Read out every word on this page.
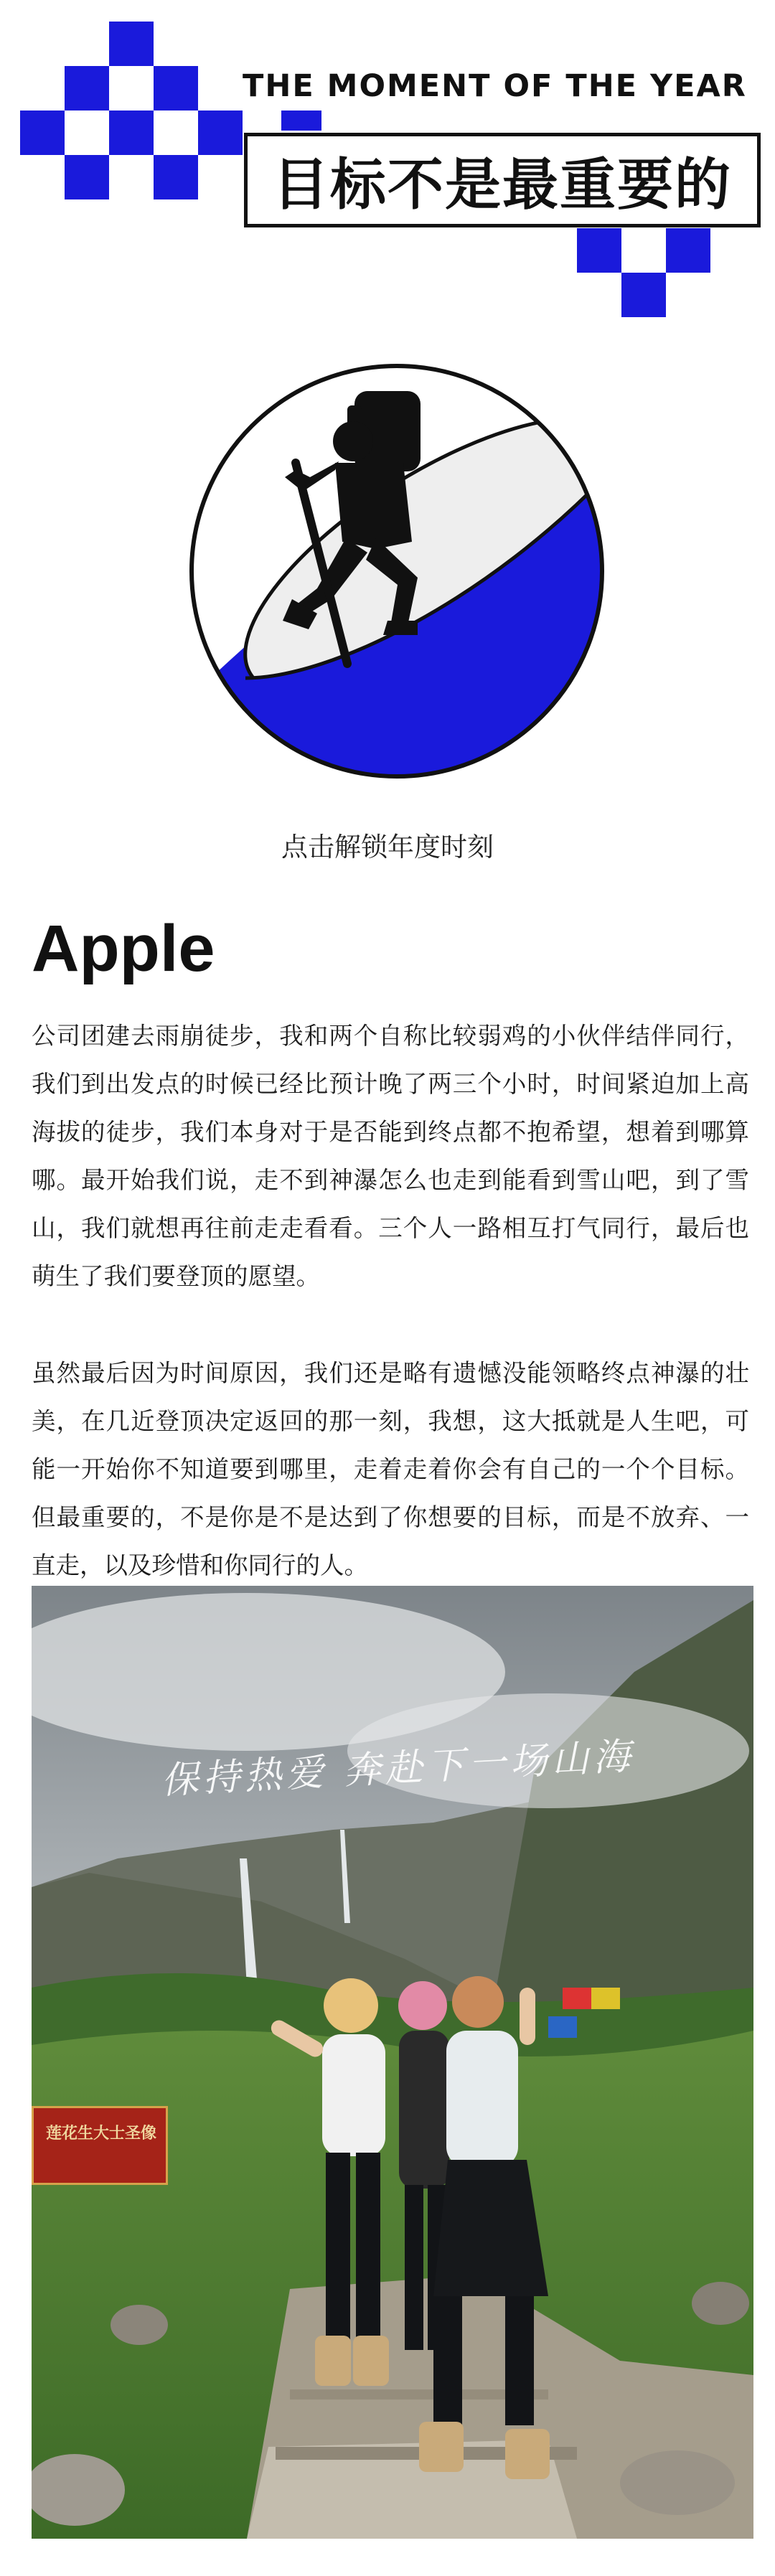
THE MOMENT OF THE YEAR
目标不是最重要的
点击解锁年度时刻
Apple

公司团建去雨崩徒步，我和两个自称比较弱鸡的小伙伴结伴同行，我们到出发点的时候已经比预计晚了两三个小时，时间紧迫加上高海拔的徒步，我们本身对于是否能到终点都不抱希望，想着到哪算哪。最开始我们说，走不到神瀑怎么也走到能看到雪山吧，到了雪山，我们就想再往前走走看看。三个人一路相互打气同行，最后也萌生了我们要登顶的愿望。

虽然最后因为时间原因，我们还是略有遗憾没能领略终点神瀑的壮美，在几近登顶决定返回的那一刻，我想，这大抵就是人生吧，可能一开始你不知道要到哪里，走着走着你会有自己的一个个目标。但最重要的，不是你是不是达到了你想要的目标，而是不放弃、一直走，以及珍惜和你同行的人。

保持热爱 奔赴下一场山海
莲花生大士圣像
